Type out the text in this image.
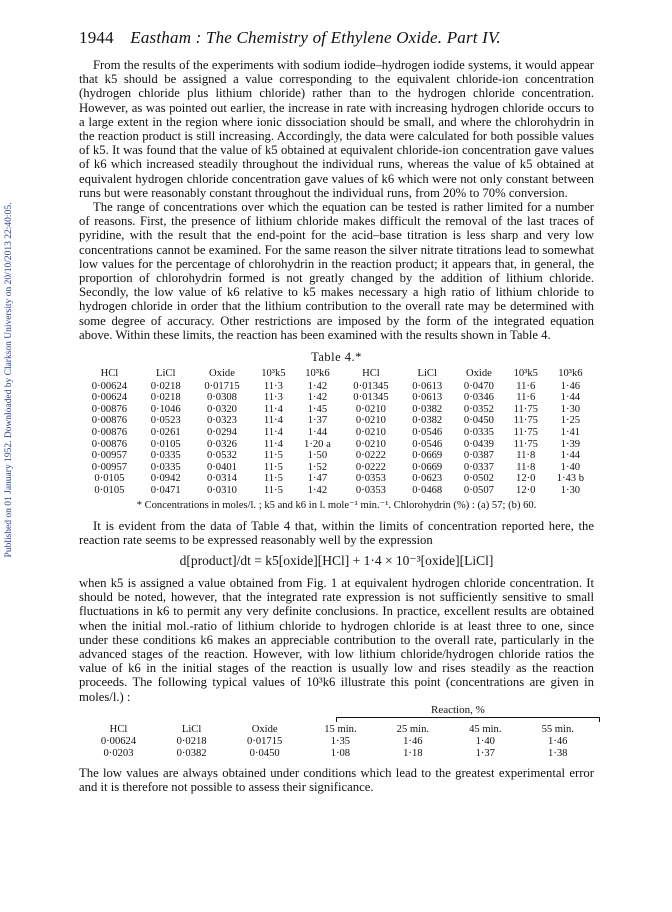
Published on 01 January 1952. Downloaded by Clarkson University on 20/10/2013 22:40:05.
1944 Eastham : The Chemistry of Ethylene Oxide. Part IV.

From the results of the experiments with sodium iodide–hydrogen iodide systems, it would appear that k5 should be assigned a value corresponding to the equivalent chloride-ion concentration (hydrogen chloride plus lithium chloride) rather than to the hydrogen chloride concentration. However, as was pointed out earlier, the increase in rate with increasing hydrogen chloride occurs to a large extent in the region where ionic dissociation should be small, and where the chlorohydrin in the reaction product is still increasing. Accordingly, the data were calculated for both possible values of k5. It was found that the value of k5 obtained at equivalent chloride-ion concentration gave values of k6 which increased steadily throughout the individual runs, whereas the value of k5 obtained at equivalent hydrogen chloride concentration gave values of k6 which were not only constant between runs but were reasonably constant throughout the individual runs, from 20% to 70% conversion.

The range of concentrations over which the equation can be tested is rather limited for a number of reasons. First, the presence of lithium chloride makes difficult the removal of the last traces of pyridine, with the result that the end-point for the acid–base titration is less sharp and very low concentrations cannot be examined. For the same reason the silver nitrate titrations lead to somewhat low values for the percentage of chlorohydrin in the reaction product; it appears that, in general, the proportion of chlorohydrin formed is not greatly changed by the addition of lithium chloride. Secondly, the low value of k6 relative to k5 makes necessary a high ratio of lithium chloride to hydrogen chloride in order that the lithium contribution to the overall rate may be determined with some degree of accuracy. Other restrictions are imposed by the form of the integrated equation above. Within these limits, the reaction has been examined with the results shown in Table 4.

Table 4.*
HCl	LiCl	Oxide	10³k5	10³k6	HCl	LiCl	Oxide	10³k5	10³k6
0·00624	0·0218	0·01715	11·3	1·42	0·01345	0·0613	0·0470	11·6	1·46
0·00624	0·0218	0·0308	11·3	1·42	0·01345	0·0613	0·0346	11·6	1·44
0·00876	0·1046	0·0320	11·4	1·45	0·0210	0·0382	0·0352	11·75	1·30
0·00876	0·0523	0·0323	11·4	1·37	0·0210	0·0382	0·0450	11·75	1·25
0·00876	0·0261	0·0294	11·4	1·44	0·0210	0·0546	0·0335	11·75	1·41
0·00876	0·0105	0·0326	11·4	1·20 a	0·0210	0·0546	0·0439	11·75	1·39
0·00957	0·0335	0·0532	11·5	1·50	0·0222	0·0669	0·0387	11·8	1·44
0·00957	0·0335	0·0401	11·5	1·52	0·0222	0·0669	0·0337	11·8	1·40
0·0105	0·0942	0·0314	11·5	1·47	0·0353	0·0623	0·0502	12·0	1·43 b
0·0105	0·0471	0·0310	11·5	1·42	0·0353	0·0468	0·0507	12·0	1·30
* Concentrations in moles/l. ; k5 and k6 in l. mole⁻¹ min.⁻¹. Chlorohydrin (%) : (a) 57; (b) 60.

It is evident from the data of Table 4 that, within the limits of concentration reported here, the reaction rate seems to be expressed reasonably well by the expression

d[product]/dt = k5[oxide][HCl] + 1·4 × 10⁻³[oxide][LiCl]

when k5 is assigned a value obtained from Fig. 1 at equivalent hydrogen chloride concentration. It should be noted, however, that the integrated rate expression is not sufficiently sensitive to small fluctuations in k6 to permit any very definite conclusions. In practice, excellent results are obtained when the initial mol.-ratio of lithium chloride to hydrogen chloride is at least three to one, since under these conditions k6 makes an appreciable contribution to the overall rate, particularly in the advanced stages of the reaction. However, with low lithium chloride/hydrogen chloride ratios the value of k6 in the initial stages of the reaction is usually low and rises steadily as the reaction proceeds. The following typical values of 10³k6 illustrate this point (concentrations are given in moles/l.) :

Reaction, %
HCl	LiCl	Oxide	15 min.	25 min.	45 min.	55 min.
0·00624	0·0218	0·01715	1·35	1·46	1·40	1·46
0·0203	0·0382	0·0450	1·08	1·18	1·37	1·38

The low values are always obtained under conditions which lead to the greatest experimental error and it is therefore not possible to assess their significance.
